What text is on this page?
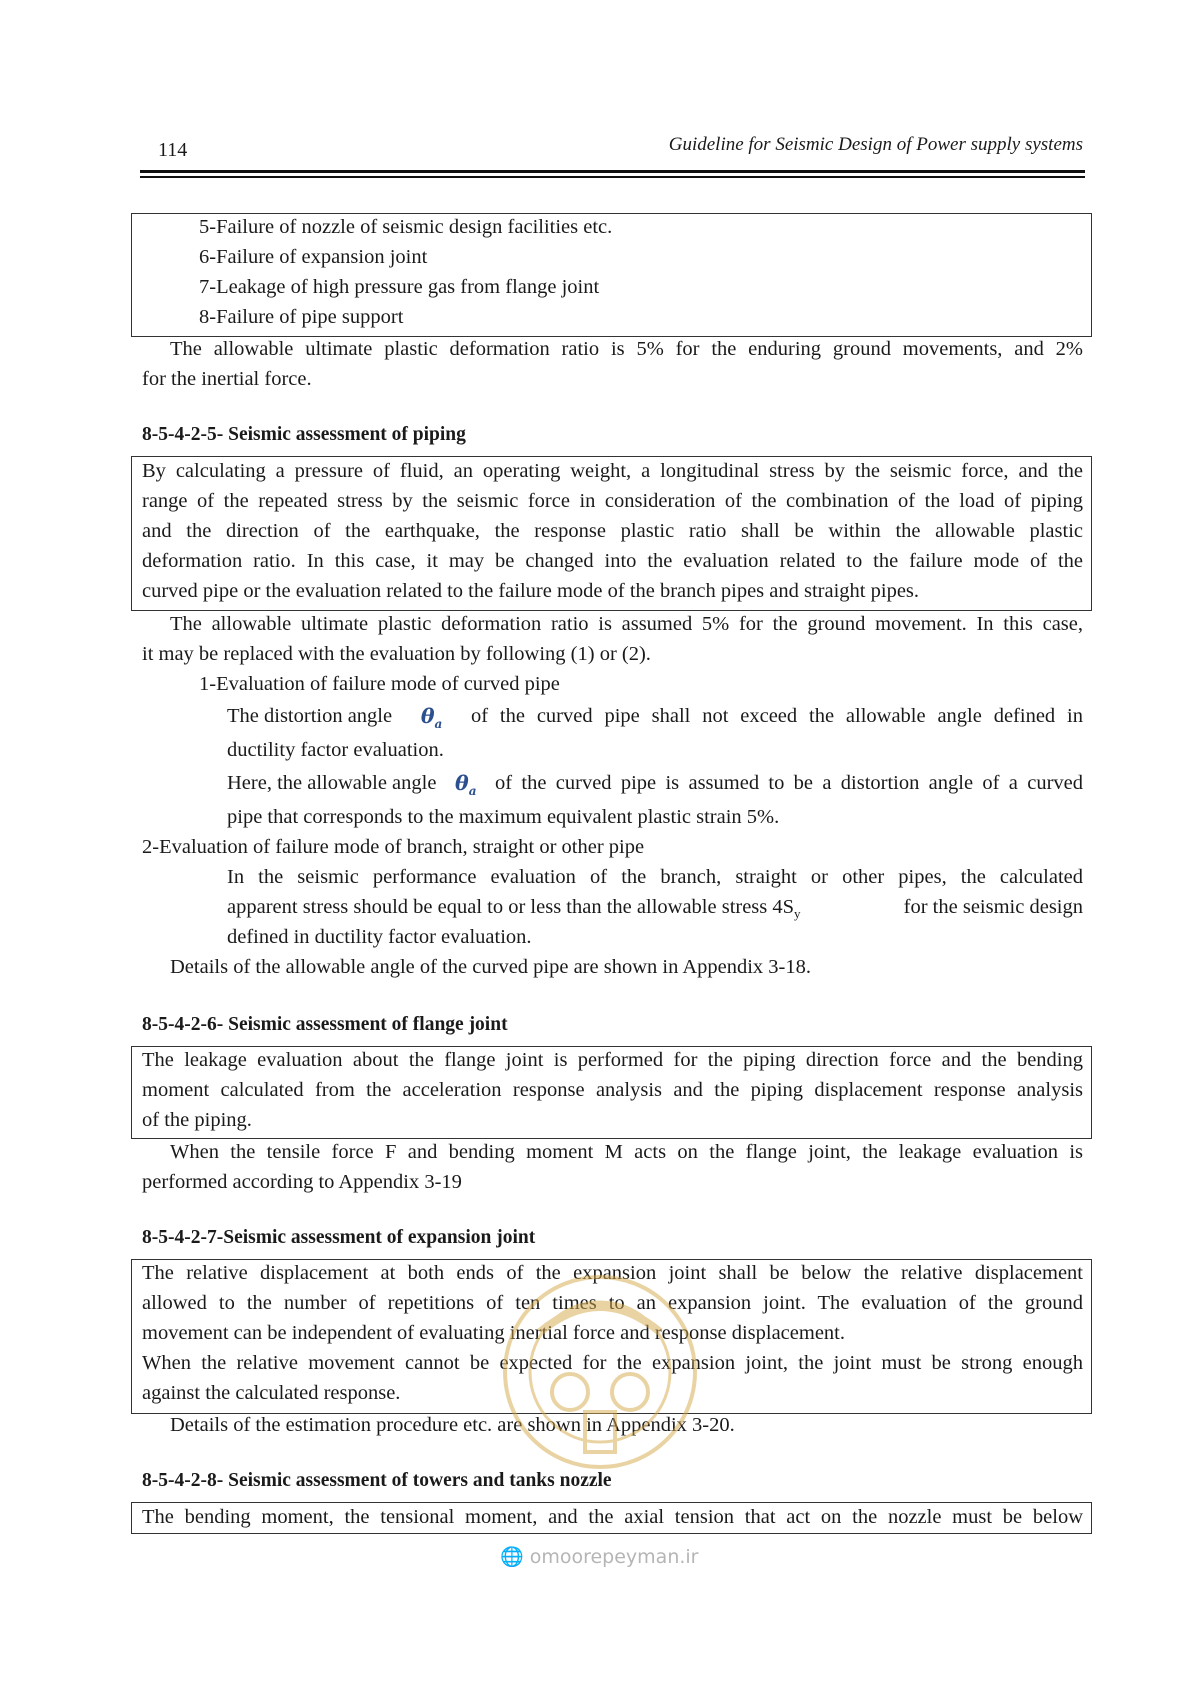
114	Guideline for Seismic Design of Power supply systems
5-Failure of nozzle of seismic design facilities etc.
6-Failure of expansion joint
7-Leakage of high pressure gas from flange joint
8-Failure of pipe support
The allowable ultimate plastic deformation ratio is 5% for the enduring ground movements, and 2%
for the inertial force.
8-5-4-2-5- Seismic assessment of piping
By calculating a pressure of fluid, an operating weight, a longitudinal stress by the seismic force, and the
range of the repeated stress by the seismic force in consideration of the combination of the load of piping
and the direction of the earthquake, the response plastic ratio shall be within the allowable plastic
deformation ratio. In this case, it may be changed into the evaluation related to the failure mode of the
curved pipe or the evaluation related to the failure mode of the branch pipes and straight pipes.
The allowable ultimate plastic deformation ratio is assumed 5% for the ground movement. In this case,
it may be replaced with the evaluation by following (1) or (2).
1-Evaluation of failure mode of curved pipe
The distortion angle $\theta_a$ of the curved pipe shall not exceed the allowable angle defined in
ductility factor evaluation.
Here, the allowable angle $\theta_a$ of the curved pipe is assumed to be a distortion angle of a curved
pipe that corresponds to the maximum equivalent plastic strain 5%.
2-Evaluation of failure mode of branch, straight or other pipe
In the seismic performance evaluation of the branch, straight or other pipes, the calculated
apparent stress should be equal to or less than the allowable stress $4S_y$	for the seismic design
defined in ductility factor evaluation.
Details of the allowable angle of the curved pipe are shown in Appendix 3-18.
8-5-4-2-6- Seismic assessment of flange joint
The leakage evaluation about the flange joint is performed for the piping direction force and the bending
moment calculated from the acceleration response analysis and the piping displacement response analysis
of the piping.
When the tensile force F and bending moment M acts on the flange joint, the leakage evaluation is
performed according to Appendix 3-19
8-5-4-2-7-Seismic assessment of expansion joint
The relative displacement at both ends of the expansion joint shall be below the relative displacement
allowed to the number of repetitions of ten times to an expansion joint. The evaluation of the ground
movement can be independent of evaluating inertial force and response displacement.
When the relative movement cannot be expected for the expansion joint, the joint must be strong enough
against the calculated response.
Details of the estimation procedure etc. are shown in Appendix 3-20.
8-5-4-2-8- Seismic assessment of towers and tanks nozzle
The bending moment, the tensional moment, and the axial tension that act on the nozzle must be below
🌐 omoorepeyman.ir
